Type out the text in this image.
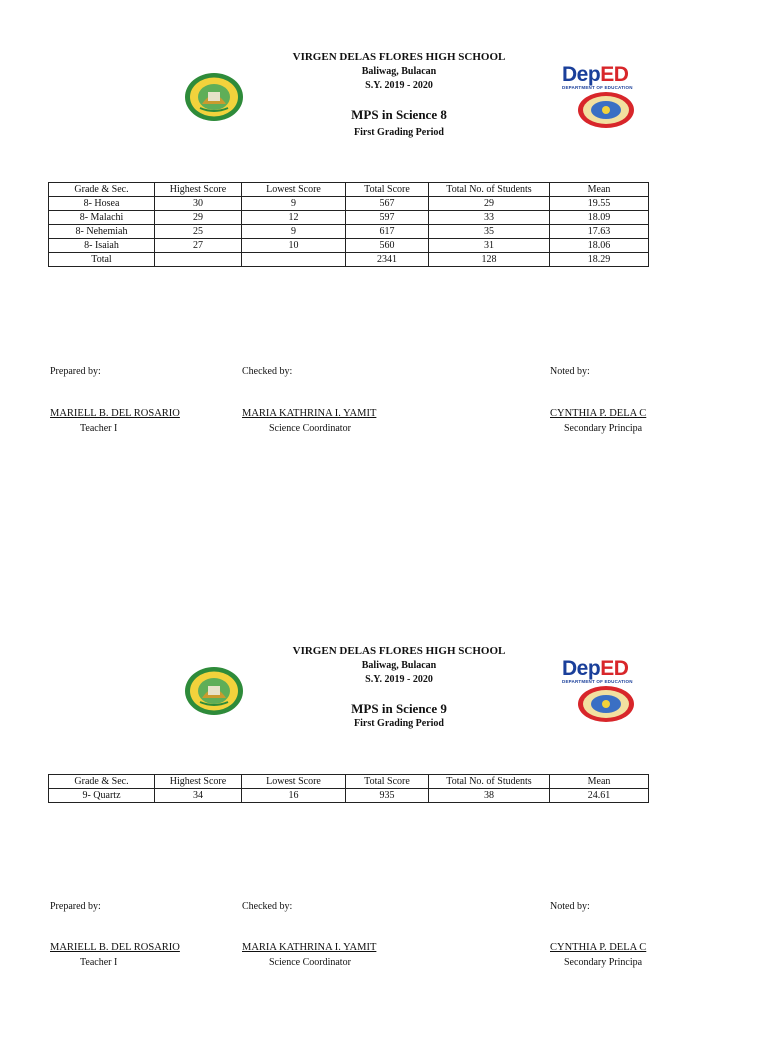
DepED
DEPARTMENT OF EDUCATION
VIRGEN DELAS FLORES HIGH SCHOOL
Baliwag, Bulacan
S.Y. 2019 - 2020
MPS in Science 8
First Grading Period
Grade & Sec.	Highest Score	Lowest Score	Total Score	Total No. of Students	Mean
8- Hosea	30	9	567	29	19.55
8- Malachi	29	12	597	33	18.09
8- Nehemiah	25	9	617	35	17.63
8- Isaiah	27	10	560	31	18.06
Total			2341	128	18.29
Prepared by:	Checked by:	Noted by:
MARIELL B. DEL ROSARIO	MARIA KATHRINA I. YAMIT	CYNTHIA P. DELA C
Teacher I	Science Coordinator	Secondary Principa
DepED
DEPARTMENT OF EDUCATION
VIRGEN DELAS FLORES HIGH SCHOOL
Baliwag, Bulacan
S.Y. 2019 - 2020
MPS in Science 9
First Grading Period
Grade & Sec.	Highest Score	Lowest Score	Total Score	Total No. of Students	Mean
9- Quartz	34	16	935	38	24.61
Prepared by:	Checked by:	Noted by:
MARIELL B. DEL ROSARIO	MARIA KATHRINA I. YAMIT	CYNTHIA P. DELA C
Teacher I	Science Coordinator	Secondary Principa
